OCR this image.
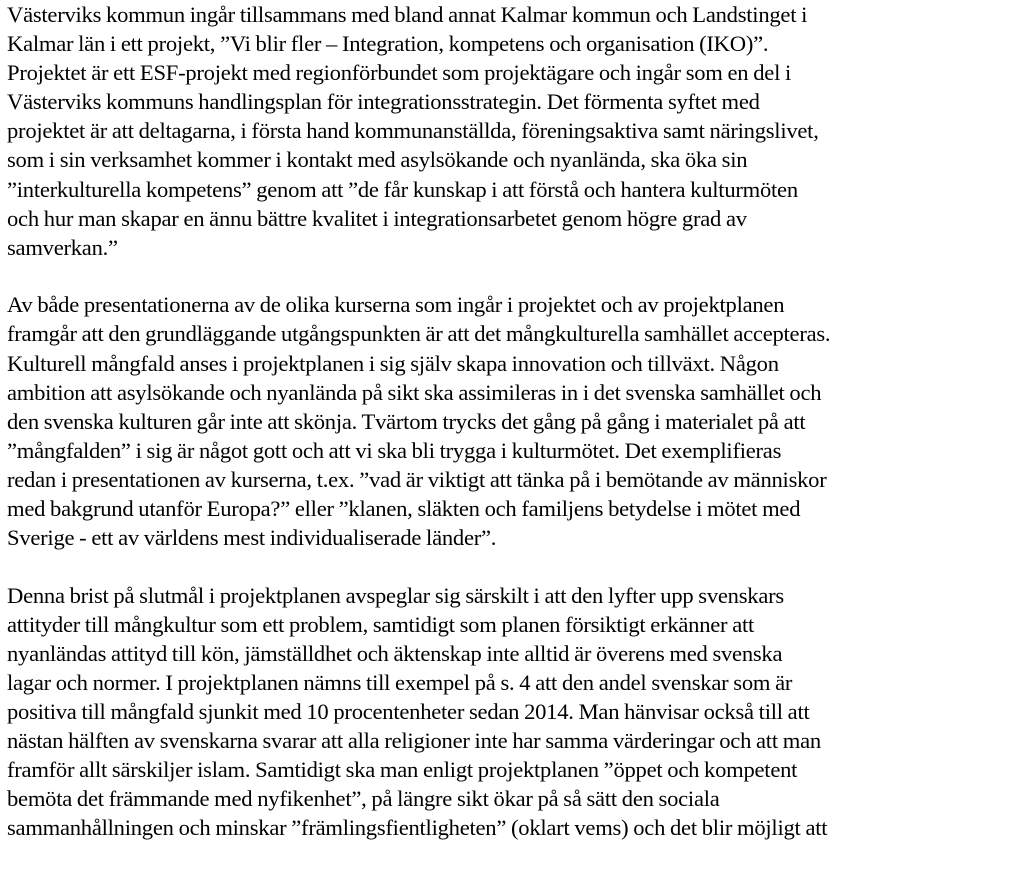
Västerviks kommun ingår tillsammans med bland annat Kalmar kommun och Landstinget i
Kalmar län i ett projekt, ”Vi blir fler – Integration, kompetens och organisation (IKO)”.
Projektet är ett ESF-projekt med regionförbundet som projektägare och ingår som en del i
Västerviks kommuns handlingsplan för integrationsstrategin. Det förmenta syftet med
projektet är att deltagarna, i första hand kommunanställda, föreningsaktiva samt näringslivet,
som i sin verksamhet kommer i kontakt med asylsökande och nyanlända, ska öka sin
”interkulturella kompetens” genom att ”de får kunskap i att förstå och hantera kulturmöten
och hur man skapar en ännu bättre kvalitet i integrationsarbetet genom högre grad av
samverkan.”

Av både presentationerna av de olika kurserna som ingår i projektet och av projektplanen
framgår att den grundläggande utgångspunkten är att det mångkulturella samhället accepteras.
Kulturell mångfald anses i projektplanen i sig själv skapa innovation och tillväxt. Någon
ambition att asylsökande och nyanlända på sikt ska assimileras in i det svenska samhället och
den svenska kulturen går inte att skönja. Tvärtom trycks det gång på gång i materialet på att
”mångfalden” i sig är något gott och att vi ska bli trygga i kulturmötet. Det exemplifieras
redan i presentationen av kurserna, t.ex. ”vad är viktigt att tänka på i bemötande av människor
med bakgrund utanför Europa?” eller ”klanen, släkten och familjens betydelse i mötet med
Sverige - ett av världens mest individualiserade länder”.

Denna brist på slutmål i projektplanen avspeglar sig särskilt i att den lyfter upp svenskars
attityder till mångkultur som ett problem, samtidigt som planen försiktigt erkänner att
nyanländas attityd till kön, jämställdhet och äktenskap inte alltid är överens med svenska
lagar och normer. I projektplanen nämns till exempel på s. 4 att den andel svenskar som är
positiva till mångfald sjunkit med 10 procentenheter sedan 2014. Man hänvisar också till att
nästan hälften av svenskarna svarar att alla religioner inte har samma värderingar och att man
framför allt särskiljer islam. Samtidigt ska man enligt projektplanen ”öppet och kompetent
bemöta det främmande med nyfikenhet”, på längre sikt ökar på så sätt den sociala
sammanhållningen och minskar ”främlingsfientligheten” (oklart vems) och det blir möjligt att
